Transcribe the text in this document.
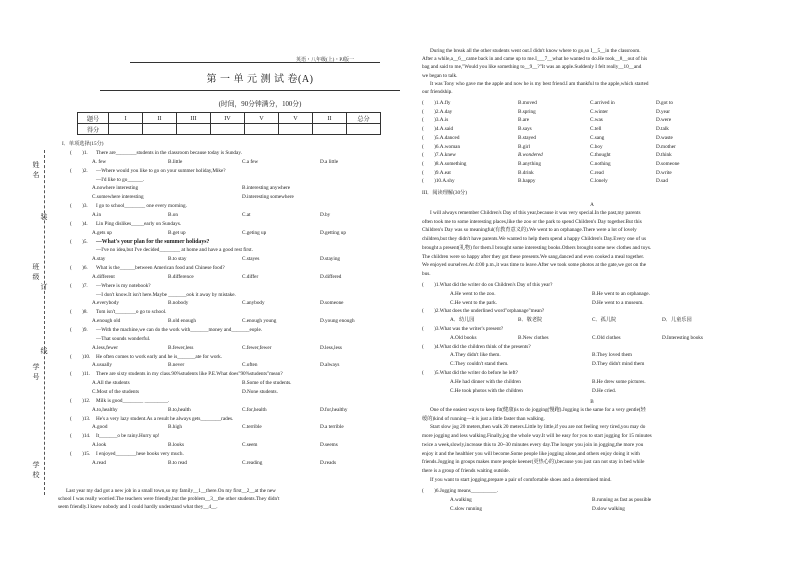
姓名
装
班级
订
线
学号
学校
英语・八年级(上)・РJ版一
第 一 单 元 测 试 卷(A)
(时间，90分钟满分，100分)
题号	I	II	III	IV	V	V	II	总分
得分								
I．单项选择(15分)
(　　)1. There are________students in the classroom because today is Sunday.
A. few	B.little	C.a few	D.a little
(　　)2. —Where would you like to go on your summer holiday,Mike?
—I'd like to go______.
A.nowhere interesting	B.interesting anywhere
C.somewhere interesting	D.interesting somewhere
(　　)3. I go to school________ one every morning.
A.in	B.on	C.at	D.by
(　　)4. Lin Ping dislikes_____early on Sundays.
A.gets up	B.get up	C.geting up	D.getting up
(　　)5. —What's your plan for the summer holidays?
—I've no idea,but I've decided________ at home and have a good rest first.
A.stay	B.to stay	C.stayes	D.staying
(　　)6. What is the______between American food and Chinese food?
A.different	B.difference	C.differ	D.differed
(　　)7. —Where is my notebook?
—I don't know.It isn't here.Maybe _______ook it away by mistake.
A.everybody	B.nobody	C.anybody	D.someone
(　　)8. Tom isn't________o go to school.
A.enough old	B.old enough	C.enough young	D.young enough
(　　)9. —With the machine,we can do the work with_______money and_______eople.
—That sounds wonderful.
A.less,fewer	B.fewer,less	C.fewer,fewer	D.less,less
(　　)10. He often comes to work early and he is_______ate for work.
A.usually	B.never	C.often	D.always
(　　)11. There are sixty students in my class.90%students like P.E.What does"90%students"mean?
A.All the students	B.Some of the students.
C.Most of the students	D.None students.
(　　)12. Milk is good________ _________.
A.to,healthy	B.to,health	C.for,health	D.for,healthy
(　　)13. He's a very lazy student.As a result he always gets________rades.
A.good	B.high	C.terrible	D.a terrible
(　　)14. It_______o be rainy.Hurry up!
A.look	B.looks	C.seem	D.seems
(　　)15. I enjoyed________hese books very much.
A.read	B.to read	C.reading	D.reads
Last year my dad got a new job in a small town,so my family__1__there.On my first__2__at the new
school I was really worried.The teachers were friendly,but the problem__3__the other students.They didn't
seem friendly.I knew nobody and I could hardly understand what they__4__.
During the break all the other students went out.I didn't know where to go,so I__5__in the classroom.
After a while,a__6__came back in and came up to me.I___7__what he wanted to do.He took__8__out of his
bag and said to me,"Would you like something to__9__?"It was an apple.Suddenly I felt really__10__and
we began to talk.
It was Tony who gave me the apple and now he is my best friend.I am thankful to the apple,which started
our friendship.
(　　)1.A.fly	B.moved	C.arrived in	D.got to
(　　)2.A.day	B.spring	C.winter	D.year
(　　)3.A.is	B.are	C.was	D.were
(　　)4.A.said	B.says	C.tell	D.talk
(　　)5.A.danced	B.stayed	C.sang	D.waste
(　　)6.A.woman	B.girl	C.boy	D.mother
(　　)7.A.knew	B.wondered	C.thought	D.think
(　　)8.A.something	B.anything	C.nothing	D.someone
(　　)9.A.eat	B.drink	C.read	D.write
(　　)10.A.shy	B.happy	C.lonely	D.sad
III．阅读理解(30分)
A
I will always remember Children's Day of this year,because it was very special.In the past,my parents
often took me to some interesting places,like the zoo or the park to spend Children's Day together.But this
Children's Day was so meaningful(有教育意义的).We went to an orphanage.There were a lot of lovely
children,but they didn't have parents.We wanted to help them spend a happy Children's Day.Every one of us
brought a present(礼物) for them.I brought some interesting books.Others brought some new clothes and toys.
The children were so happy after they got these presents.We sang,danced and even cooked a meal together.
We enjoyed ourselves.At 4:00 p.m.,it was time to leave.After we took some photos at the gate,we got on the
bus.
(　　)1.What did the writer do on Children's Day of this year?
A.He went to the zoo.	B.He went to an orphanage.
C.He went to the park.	D.He went to a museum.
(　　)2.What does the underlined word"orphanage"mean?
A．幼儿园	B．敬老院	C．孤儿院	D．儿童乐园
(　　)3.What was the writer's present?
A.Old books	B.New clothes	C.Old clothes	D.Interesting books
(　　)4.What did the children think of the presents?
A.They didn't like them.	B.They loved them
C.They couldn't stand them.	D.They didn't mind them
(　　)5.What did the writer do before he left?
A.He had dinner with the children	B.He drew some pictures.
C.He took photos with the children	D.He cried.
B
One of the easiest ways to keep fit(健康)is to do jogging(慢跑).Jogging is the same for a very gentle(轻
缓的)kind of running—it is just a little faster than walking.
Start slow jog 20 meters,then walk 20 meters.Little by little,if you are not feeling very tired,you may do
more jogging and less walking.Finally,jog the whole way.It will be easy for you to start jogging for 15 minutes
twice a week,slowly,increase this to 20~30 minutes every day.The longer you join in jogging,the more you
enjoy it and the healthier you will become.Some people like jogging alone,and others enjoy doing it with
friends.Jogging in groups makes more people keener(更热心的),because you just can not stay in bed while
there is a group of friends waiting outside.
If you want to start jogging,prepare a pair of comfortable shoes and a determined mind.
(　　)6.Jogging means__________.
A.walking	B.running as fast as possible
C.slow running	D.slow walking
